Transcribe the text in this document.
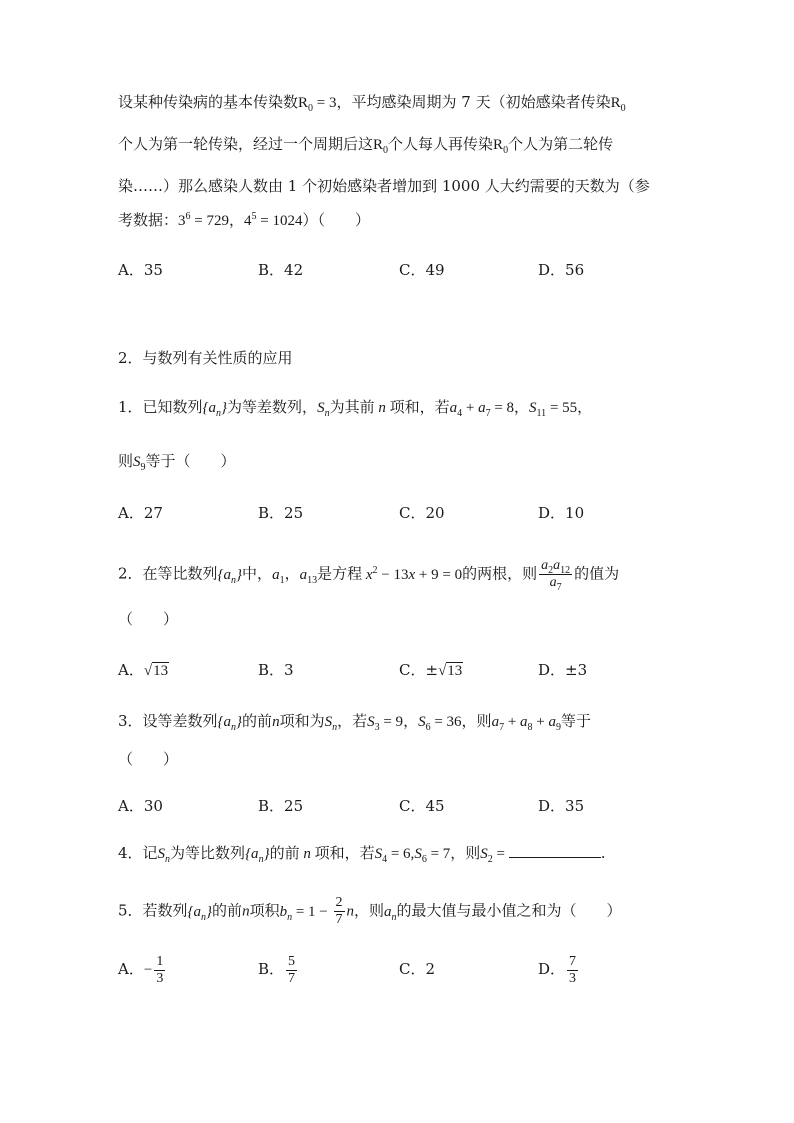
设某种传染病的基本传染数$R_0 = 3$，平均感染周期为 7 天（初始感染者传染$R_0$
个人为第一轮传染，经过一个周期后这$R_0$个人每人再传染$R_0$个人为第二轮传
染……）那么感染人数由 1 个初始感染者增加到 1000 人大约需要的天数为（参
考数据：$3^6 = 729$，$4^5 = 1024$）（　　）
A．35	B．42	C．49	D．56
2．与数列有关性质的应用
1．已知数列$\{a_n\}$为等差数列，$S_n$为其前 n 项和，若$a_4 + a_7 = 8$，$S_{11} = 55$，
则$S_9$等于（　　）
A．27	B．25	C．20	D．10
2．在等比数列$\{a_n\}$中，$a_1$，$a_{13}$是方程 $x^2 - 13x + 9 = 0$的两根，则 $\frac{a_2a_{12}}{a_7}$ 的值为
（　　）
A．√13	B．3	C．±√13	D．±3
3．设等差数列$\{a_n\}$的前n项和为$S_n$，若$S_3 = 9$，$S_6 = 36$，则$a_7 + a_8 + a_9$等于
（　　）
A．30	B．25	C．45	D．35
4．记$S_n$为等比数列$\{a_n\}$的前 n 项和，若$S_4 = 6,S_6 = 7$，则$S_2$ =	.
5．若数列$\{a_n\}$的前n项积$b_n = 1 - \frac{2}{7}$ n，则$a_n$的最大值与最小值之和为（　　）
A．− $\frac{1}{3}$	B． $\frac{5}{7}$	C．2	D． $\frac{7}{3}$
